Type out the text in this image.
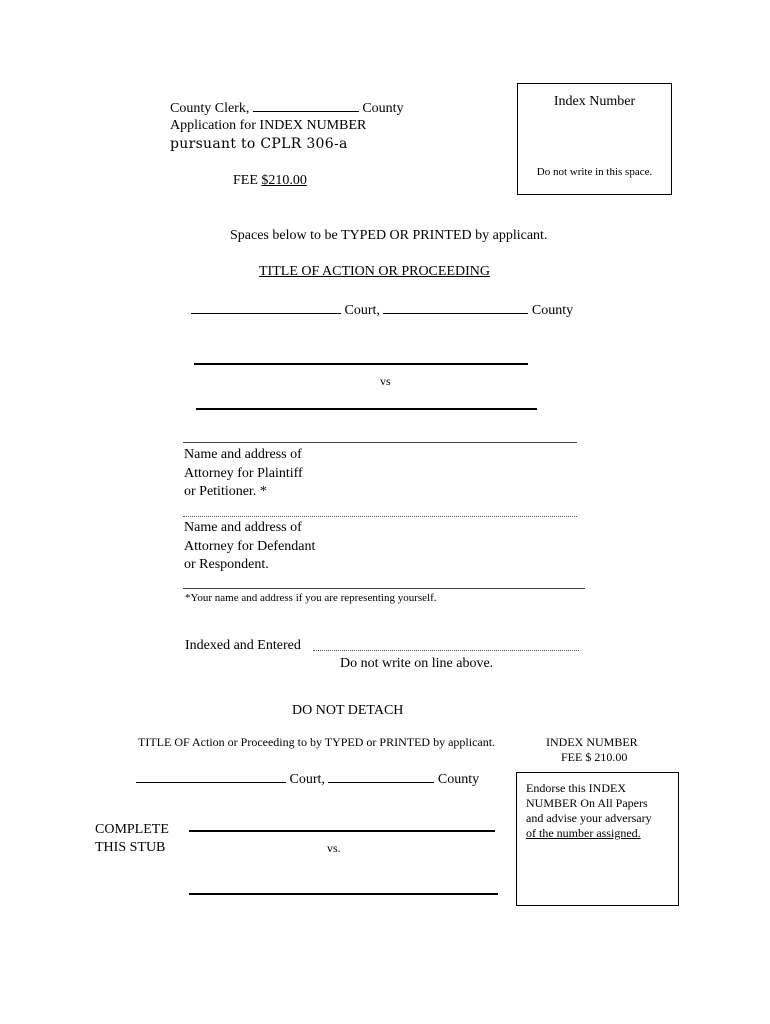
County Clerk,	County
Application for INDEX NUMBER
pursuant to CPLR 306-a
FEE $210.00
Index Number
Do not write in this space.
Spaces below to be TYPED OR PRINTED by applicant.
TITLE OF ACTION OR PROCEEDING
Court,	County
vs
Name and address of
Attorney for Plaintiff
or Petitioner. *
Name and address of
Attorney for Defendant
or Respondent.
*Your name and address if you are representing yourself.
Indexed and Entered
Do not write on line above.
DO NOT DETACH
TITLE OF Action or Proceeding to by TYPED or PRINTED by applicant.	INDEX NUMBER
FEE $ 210.00
Court,	County
COMPLETE
THIS STUB	vs.
Endorse this INDEX
NUMBER On All Papers
and advise your adversary
of the number assigned.
